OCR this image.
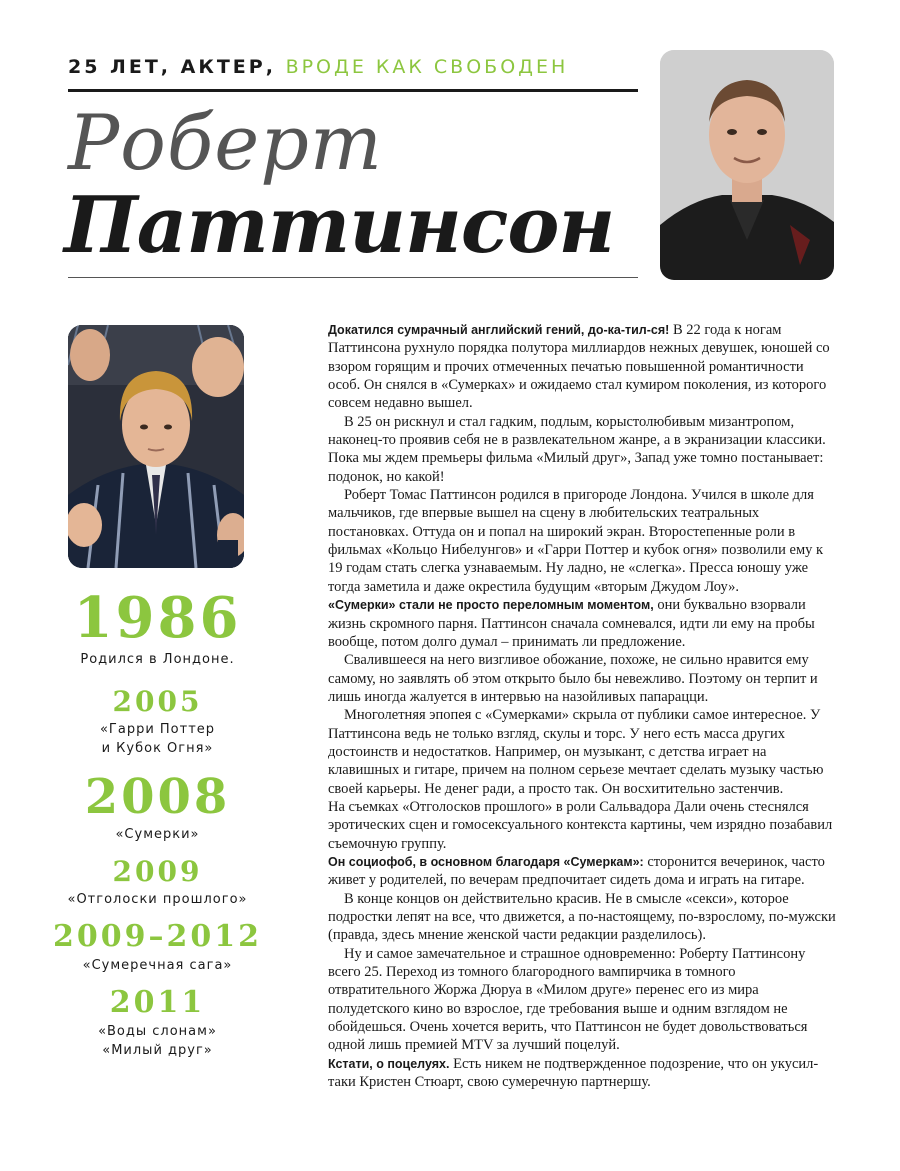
25 ЛЕТ, АКТЕР, ВРОДЕ КАК СВОБОДЕН
Роберт
Паттинсон
1986
Родился в Лондоне.
2005
«Гарри Поттер
и Кубок Огня»
2008
«Сумерки»
2009
«Отголоски прошлого»
2009–2012
«Сумеречная сага»
2011
«Воды слонам»
«Милый друг»

Докатился сумрачный английский гений, до-ка-тил-ся! В 22 года к ногам Паттинсона рухнуло порядка полутора миллиардов нежных девушек, юношей со взором горящим и прочих отмеченных печатью повышенной романтичности особ. Он снялся в «Сумерках» и ожидаемо стал кумиром поколения, из которого совсем недавно вышел.

В 25 он рискнул и стал гадким, подлым, корыстолюбивым мизантропом, наконец-то проявив себя не в развлекательном жанре, а в экранизации классики. Пока мы ждем премьеры фильма «Милый друг», Запад уже томно постанывает: подонок, но какой!

Роберт Томас Паттинсон родился в пригороде Лондона. Учился в школе для мальчиков, где впервые вышел на сцену в любительских театральных постановках. Оттуда он и попал на широкий экран. Второстепенные роли в фильмах «Кольцо Нибелунгов» и «Гарри Поттер и кубок огня» позволили ему к 19 годам стать слегка узнаваемым. Ну ладно, не «слегка». Пресса юношу уже тогда заметила и даже окрестила будущим «вторым Джудом Лоу».

«Сумерки» стали не просто переломным моментом, они буквально взорвали жизнь скромного парня. Паттинсон сначала сомневался, идти ли ему на пробы вообще, потом долго думал – принимать ли предложение.

Свалившееся на него визгливое обожание, похоже, не сильно нравится ему самому, но заявлять об этом открыто было бы невежливо. Поэтому он терпит и лишь иногда жалуется в интервью на назойливых папарацци.

Многолетняя эпопея с «Сумерками» скрыла от публики самое интересное. У Паттинсона ведь не только взгляд, скулы и торс. У него есть масса других достоинств и недостатков. Например, он музыкант, с детства играет на клавишных и гитаре, причем на полном серьезе мечтает сделать музыку частью своей карьеры. Не денег ради, а просто так. Он восхитительно застенчив.

На съемках «Отголосков прошлого» в роли Сальвадора Дали очень стеснялся эротических сцен и гомосексуального контекста картины, чем изрядно позабавил съемочную группу.

Он социофоб, в основном благодаря «Сумеркам»: сторонится вечеринок, часто живет у родителей, по вечерам предпочитает сидеть дома и играть на гитаре.

В конце концов он действительно красив. Не в смысле «секси», которое подростки лепят на все, что движется, а по-настоящему, по-взрослому, по-мужски (правда, здесь мнение женской части редакции разделилось).

Ну и самое замечательное и страшное одновременно: Роберту Паттинсону всего 25. Переход из томного благородного вампирчика в томного отвратительного Жоржа Дюруа в «Милом друге» перенес его из мира полудетского кино во взрослое, где требования выше и одним взглядом не обойдешься. Очень хочется верить, что Паттинсон не будет довольствоваться одной лишь премией MTV за лучший поцелуй.

Кстати, о поцелуях. Есть никем не подтвержденное подозрение, что он укусил-таки Кристен Стюарт, свою сумеречную партнершу.
